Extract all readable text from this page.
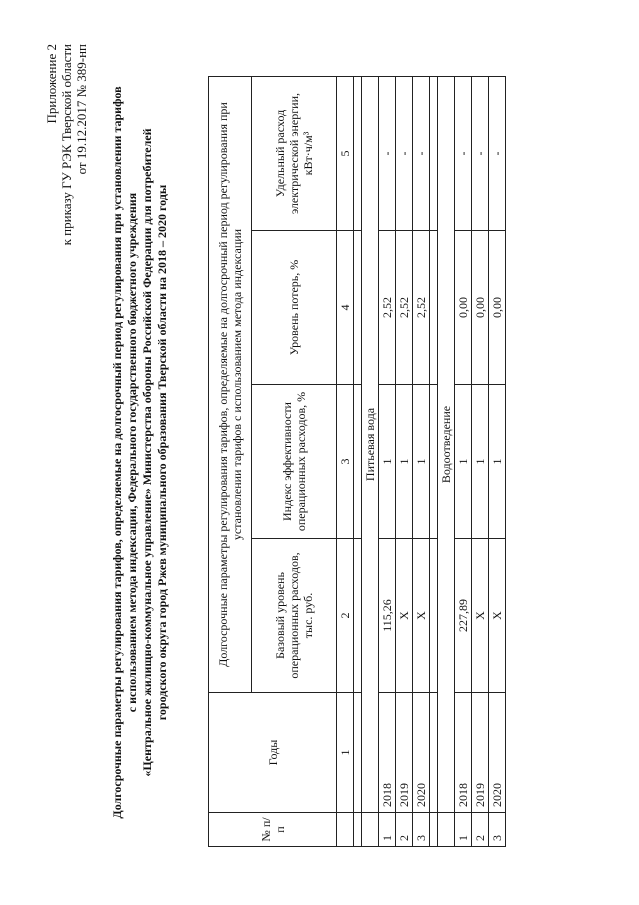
Приложение 2 к приказу ГУ РЭК Тверской области от 19.12.2017 № 389-нп Долгосрочные параметры регулирования тарифов, определяемые на долгосрочный период регулирования при установлении тарифов с использованием метода индексации, Федерального государственного бюджетного учреждения «Центральное жилищно-коммунальное управление» Министерства обороны Российской Федерации для потребителей городского округа город Ржев муниципального образования Тверской области на 2018 – 2020 годы
№ п/п	Годы	Долгосрочные параметры регулирования тарифов, определяемые на долгосрочный период регулирования при установлении тарифов с использованием метода индексации			
		Базовый уровень операционных расходов, тыс. руб.	Индекс эффективности операционных расходов, %	Уровень потерь, %	Удельный расход электрической энергии, кВт·ч/м³
	1	2	3	4	5

	Питьевая вода				
1	2018	115,26	1	2,52	-
2	2019	Х	1	2,52	-
3	2020	Х	1	2,52	-

	Водоотведение				
1	2018	227,89	1	0,00	-
2	2019	Х	1	0,00	-
3	2020	Х	1	0,00	-
